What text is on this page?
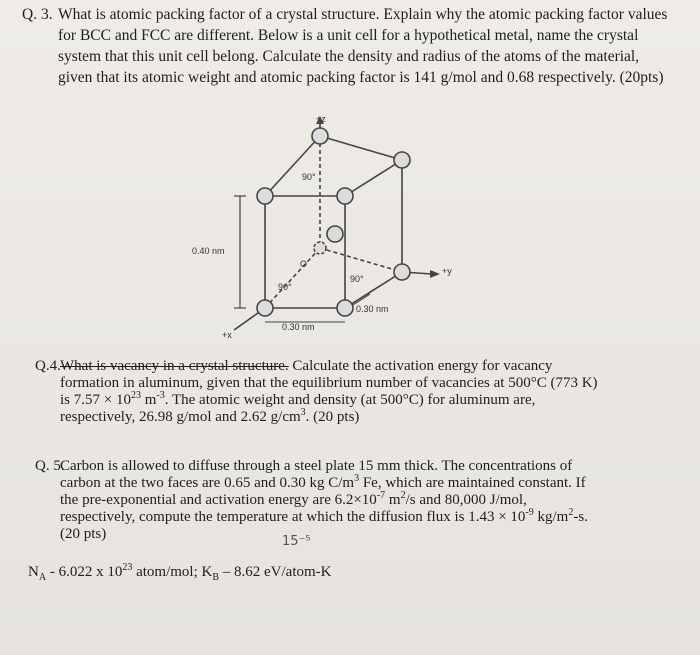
Q. 3. What is atomic packing factor of a crystal structure. Explain why the atomic packing factor values for BCC and FCC are different. Below is a unit cell for a hypothetical metal, name the crystal system that this unit cell belong. Calculate the density and radius of the atoms of the material, given that its atomic weight and atomic packing factor is 141 g/mol and 0.68 respectively. (20pts)
+z
+y
+x
90°
90°
90°
O
0.40 nm
0.30 nm
0.30 nm
Q.4. What is vacancy in a crystal structure. Calculate the activation energy for vacancy
formation in aluminum, given that the equilibrium number of vacancies at 500°C (773 K)
is $7.57 \times 10^{23}$ $m^{-3}$. The atomic weight and density (at 500°C) for aluminum are,
respectively, 26.98 g/mol and 2.62 $g/cm^3$. (20 pts)
Q. 5.
Carbon is allowed to diffuse through a steel plate 15 mm thick. The concentrations of
carbon at the two faces are 0.65 and 0.30 kg $C/m^3$ Fe, which are maintained constant. If
the pre-exponential and activation energy are $6.2\times 10^{-7}$ $m^2/s$ and 80,000 J/mol,
respectively, compute the temperature at which the diffusion flux is $1.43 \times 10^{-9}$ $kg/m^2-s$.
(20 pts)	15⁻⁵
$N_A - 6.022$ x $10^{23}$ atom/mol; $K_B - 8.62$ eV/atom-K
